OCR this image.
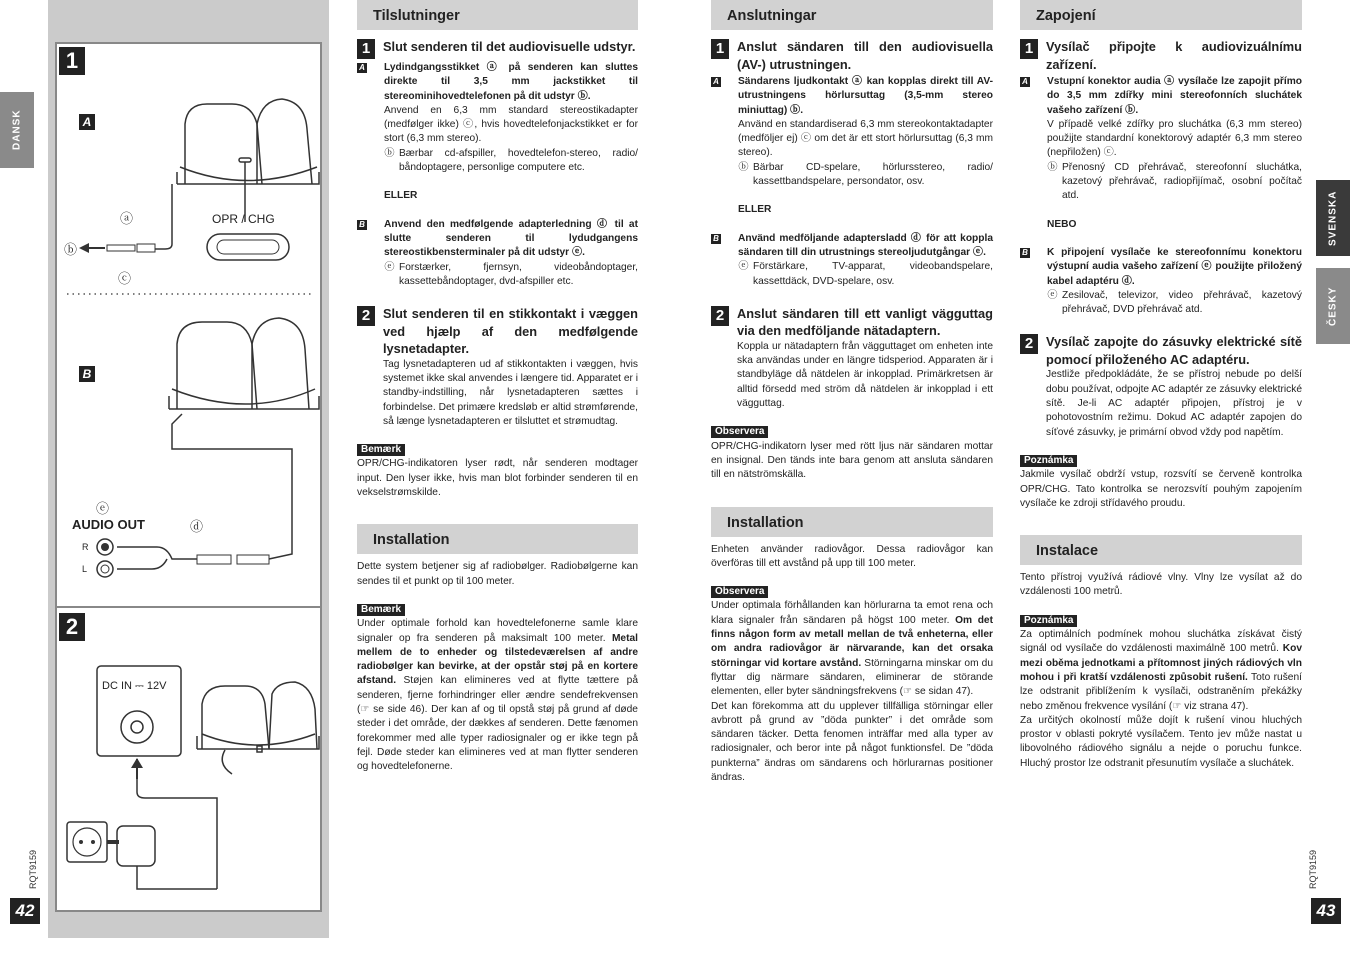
DANSK
RQT9159
42
SVENSKA
ČESKY
RQT9159
43
1
2
A
B
ⓐ
ⓑ
ⓒ
OPR / CHG
ⓔ
ⓓ
AUDIO OUT
R
L
DC IN ⎓ 12V
Tilslutninger
1	Slut senderen til det audiovisuelle udstyr.
A	Lydindgangsstikket ⓐ på senderen kan sluttes direkte til 3,5 mm jackstikket til stereominihovedtelefonen på dit udstyr ⓑ.

Anvend en 6,3 mm standard stereostikadapter (medfølger ikke) ⓒ, hvis hovedtelefonjackstikket er for stort (6,3 mm stereo).

ⓑ Bærbar cd-afspiller, hovedtelefon-stereo, radio/ båndoptagere, personlige computere etc.

ELLER
B	Anvend den medfølgende adapterledning ⓓ til at slutte senderen til lydudgangens stereostikbensterminaler på dit udstyr ⓔ.
ⓔ Forstærker, fjernsyn, videobåndoptager, kassettebåndoptager, dvd-afspiller etc.

2	Slut senderen til en stikkontakt i væggen ved hjælp af den medfølgende lysnetadapter.

Tag lysnetadapteren ud af stikkontakten i væggen, hvis systemet ikke skal anvendes i længere tid. Apparatet er i standby-indstilling, når lysnetadapteren sættes i forbindelse. Det primære kredsløb er altid strømførende, så længe lysnetadapteren er tilsluttet et strømudtag.

Bemærk

OPR/CHG-indikatoren lyser rødt, når senderen modtager input. Den lyser ikke, hvis man blot forbinder senderen til en vekselstrømskilde.

Installation

Dette system betjener sig af radiobølger. Radiobølgerne kan sendes til et punkt op til 100 meter.

Bemærk

Under optimale forhold kan hovedtelefonerne samle klare signaler op fra senderen på maksimalt 100 meter. Metal mellem de to enheder og tilstedeværelsen af andre radiobølger kan bevirke, at der opstår støj på en kortere afstand. Støjen kan elimineres ved at flytte tættere på senderen, fjerne forhindringer eller ændre sendefrekvensen (☞ se side 46). Der kan af og til opstå støj på grund af døde steder i det område, der dækkes af senderen. Dette fænomen forekommer med alle typer radiosignaler og er ikke tegn på fejl. Døde steder kan elimineres ved at man flytter senderen og hovedtelefonerne.

Anslutningar
1	Anslut sändaren till den audiovisuella (AV-) utrustningen.
A	Sändarens ljudkontakt ⓐ kan kopplas direkt till AV-utrustningens hörlursuttag (3,5-mm stereo miniuttag) ⓑ.

Använd en standardiserad 6,3 mm stereokontaktadapter (medföljer ej) ⓒ om det är ett stort hörlursuttag (6,3 mm stereo).

ⓑ Bärbar CD-spelare, hörlursstereo, radio/ kassettbandspelare, persondator, osv.

ELLER
B	Använd medföljande adaptersladd ⓓ för att koppla sändaren till din utrustnings stereoljudutgångar ⓔ.
ⓔ Förstärkare, TV-apparat, videobandspelare, kassettdäck, DVD-spelare, osv.

2	Anslut sändaren till ett vanligt vägguttag via den medföljande nätadaptern.

Koppla ur nätadaptern från vägguttaget om enheten inte ska användas under en längre tidsperiod. Apparaten är i standbyläge då nätdelen är inkopplad. Primärkretsen är alltid försedd med ström då nätdelen är inkopplad i ett vägguttag.

Observera

OPR/CHG-indikatorn lyser med rött ljus när sändaren mottar en insignal. Den tänds inte bara genom att ansluta sändaren till en nätströmskälla.

Installation

Enheten använder radiovågor. Dessa radiovågor kan överföras till ett avstånd på upp till 100 meter.

Observera

Under optimala förhållanden kan hörlurarna ta emot rena och klara signaler från sändaren på högst 100 meter. Om det finns någon form av metall mellan de två enheterna, eller om andra radiovågor är närvarande, kan det orsaka störningar vid kortare avstånd. Störningarna minskar om du flyttar dig närmare sändaren, eliminerar de störande elementen, eller byter sändningsfrekvens (☞ se sidan 47).

Det kan förekomma att du upplever tillfälliga störningar eller avbrott på grund av ”döda punkter” i det område som sändaren täcker. Detta fenomen inträffar med alla typer av radiosignaler, och beror inte på något funktionsfel. De ”döda punkterna” ändras om sändarens och hörlurarnas positioner ändras.

Zapojení
1	Vysílač připojte k audiovizuálnímu zařízení.
A	Vstupní konektor audia ⓐ vysílače lze zapojit přímo do 3,5 mm zdířky mini stereofonních sluchátek vašeho zařízení ⓑ.

V případě velké zdířky pro sluchátka (6,3 mm stereo) použijte standardní konektorový adaptér 6,3 mm stereo (nepřiložen) ⓒ.

ⓑ Přenosný CD přehrávač, stereofonní sluchátka, kazetový přehrávač, radiopřijímač, osobní počítač atd.

NEBO
B	K připojení vysílače ke stereofonnímu konektoru výstupní audia vašeho zařízení ⓔ použijte přiložený kabel adaptéru ⓓ.
ⓔ Zesilovač, televizor, video přehrávač, kazetový přehrávač, DVD přehrávač atd.

2	Vysílač zapojte do zásuvky elektrické sítě pomocí přiloženého AC adaptéru.

Jestliže předpokládáte, že se přístroj nebude po delší dobu používat, odpojte AC adaptér ze zásuvky elektrické sítě. Je-li AC adaptér připojen, přístroj je v pohotovostním režimu. Dokud AC adaptér zapojen do síťové zásuvky, je primární obvod vždy pod napětím.

Poznámka

Jakmile vysílač obdrží vstup, rozsvítí se červeně kontrolka OPR/CHG. Tato kontrolka se nerozsvítí pouhým zapojením vysílače ke zdroji střídavého proudu.

Instalace

Tento přístroj využívá rádiové vlny. Vlny lze vysílat až do vzdálenosti 100 metrů.

Poznámka

Za optimálních podmínek mohou sluchátka získávat čistý signál od vysílače do vzdálenosti maximálně 100 metrů. Kov mezi oběma jednotkami a přítomnost jiných rádiových vln mohou i při kratší vzdálenosti způsobit rušení. Toto rušení lze odstranit přiblížením k vysílači, odstraněním překážky nebo změnou frekvence vysílání (☞ viz strana 47).

Za určitých okolností může dojít k rušení vinou hluchých prostor v oblasti pokryté vysílačem. Tento jev může nastat u libovolného rádiového signálu a nejde o poruchu funkce. Hluchý prostor lze odstranit přesunutím vysílače a sluchátek.
